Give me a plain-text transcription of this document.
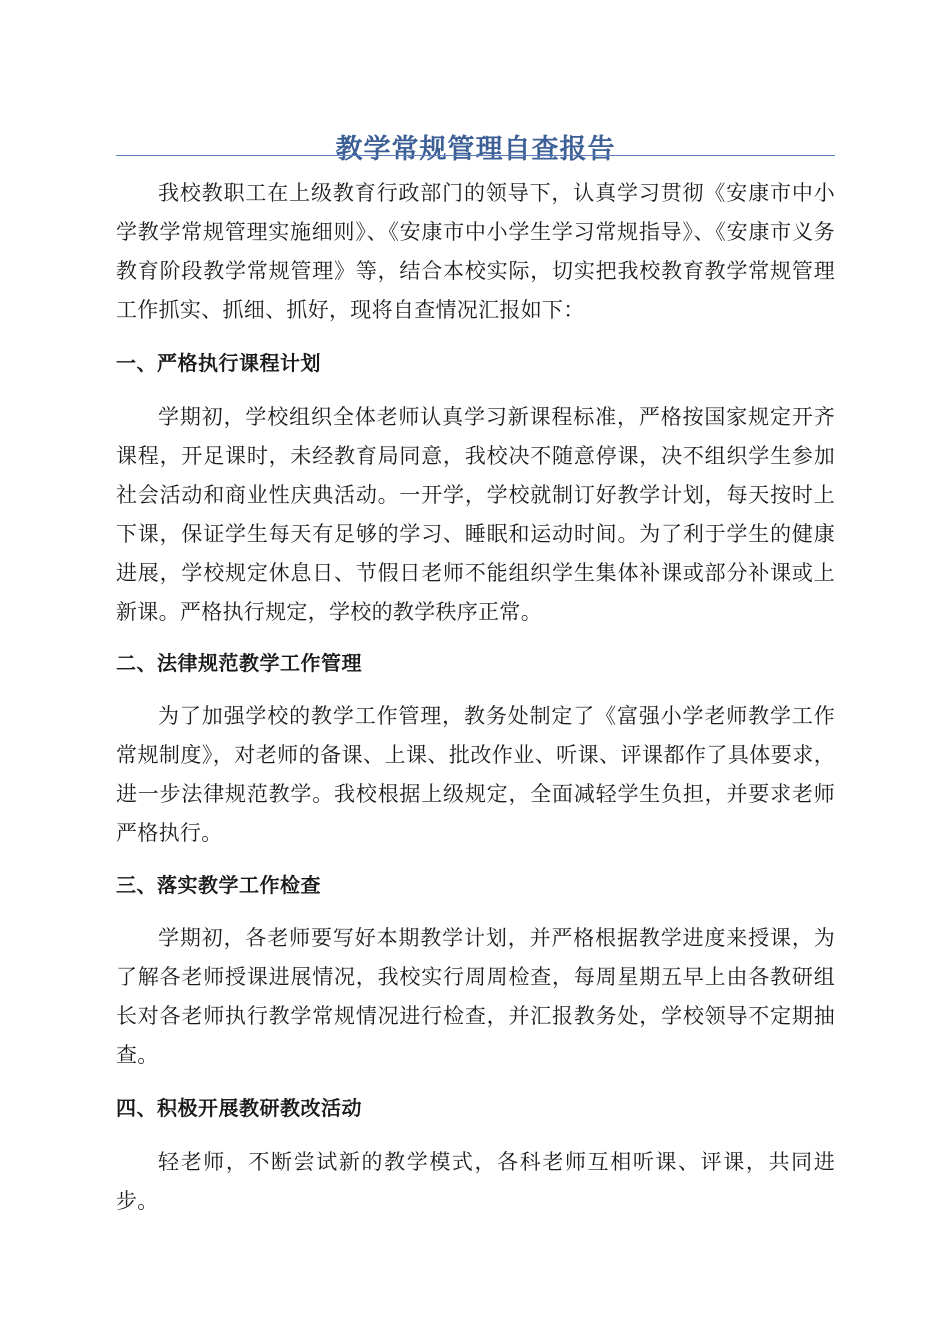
教学常规管理自查报告

我校教职工在上级教育行政部门的领导下，认真学习贯彻《安康市中小学教学常规管理实施细则》、《安康市中小学生学习常规指导》、《安康市义务教育阶段教学常规管理》等，结合本校实际，切实把我校教育教学常规管理工作抓实、抓细、抓好，现将自查情况汇报如下：

一、严格执行课程计划

学期初，学校组织全体老师认真学习新课程标准，严格按国家规定开齐课程，开足课时，未经教育局同意，我校决不随意停课，决不组织学生参加社会活动和商业性庆典活动。一开学，学校就制订好教学计划，每天按时上下课，保证学生每天有足够的学习、睡眠和运动时间。为了利于学生的健康进展，学校规定休息日、节假日老师不能组织学生集体补课或部分补课或上新课。严格执行规定，学校的教学秩序正常。

二、法律规范教学工作管理

为了加强学校的教学工作管理，教务处制定了《富强小学老师教学工作常规制度》，对老师的备课、上课、批改作业、听课、评课都作了具体要求，进一步法律规范教学。我校根据上级规定，全面减轻学生负担，并要求老师严格执行。

三、落实教学工作检查

学期初，各老师要写好本期教学计划，并严格根据教学进度来授课，为了解各老师授课进展情况，我校实行周周检查，每周星期五早上由各教研组长对各老师执行教学常规情况进行检查，并汇报教务处，学校领导不定期抽查。

四、积极开展教研教改活动

轻老师，不断尝试新的教学模式，各科老师互相听课、评课，共同进步。
